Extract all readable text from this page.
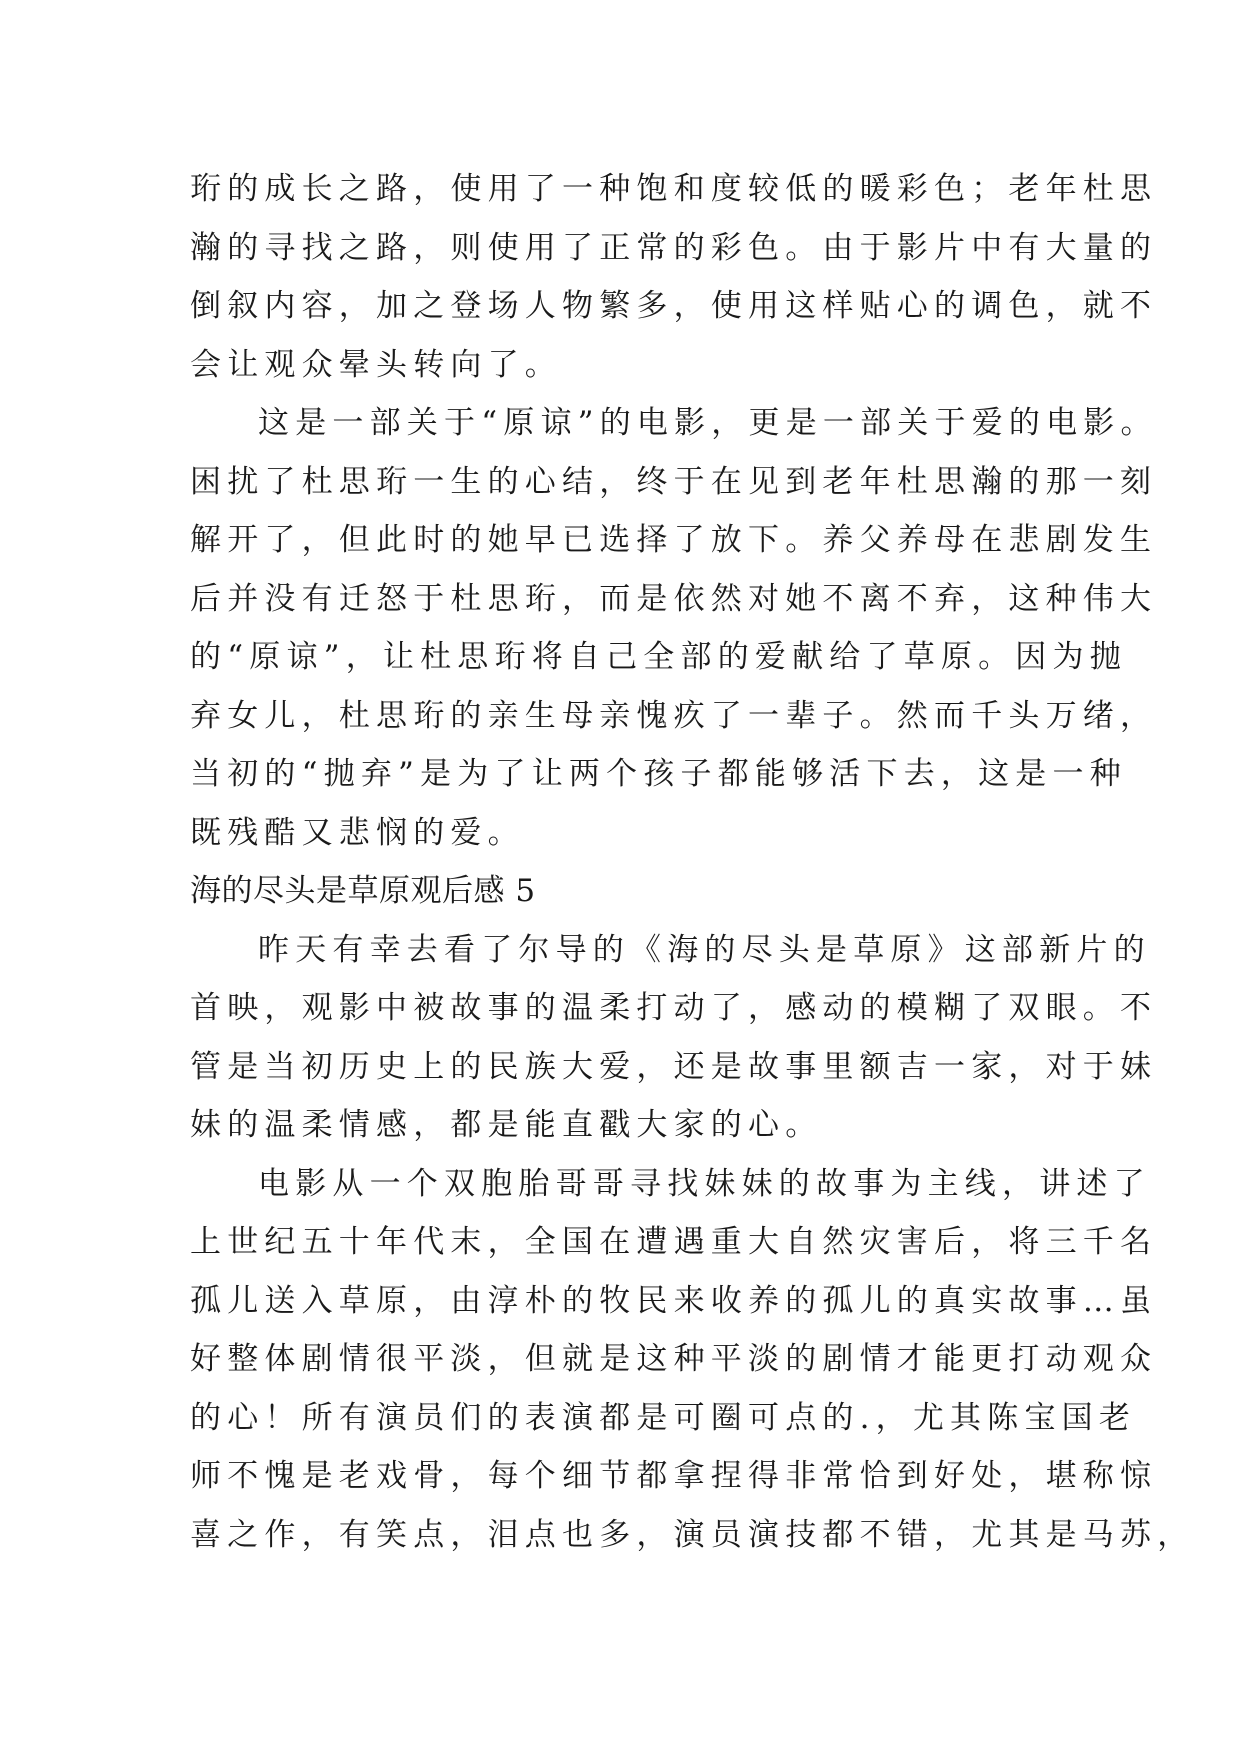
珩的成长之路，使用了一种饱和度较低的暖彩色；老年杜思
瀚的寻找之路，则使用了正常的彩色。由于影片中有大量的
倒叙内容，加之登场人物繁多，使用这样贴心的调色，就不
会让观众晕头转向了。
这是一部关于“原谅”的电影，更是一部关于爱的电影。
困扰了杜思珩一生的心结，终于在见到老年杜思瀚的那一刻
解开了，但此时的她早已选择了放下。养父养母在悲剧发生
后并没有迁怒于杜思珩，而是依然对她不离不弃，这种伟大
的“原谅”，让杜思珩将自己全部的爱献给了草原。因为抛
弃女儿，杜思珩的亲生母亲愧疚了一辈子。然而千头万绪，
当初的“抛弃”是为了让两个孩子都能够活下去，这是一种
既残酷又悲悯的爱。
海的尽头是草原观后感 5
昨天有幸去看了尔导的《海的尽头是草原》这部新片的
首映，观影中被故事的温柔打动了，感动的模糊了双眼。不
管是当初历史上的民族大爱，还是故事里额吉一家，对于妹
妹的温柔情感，都是能直戳大家的心。
电影从一个双胞胎哥哥寻找妹妹的故事为主线，讲述了
上世纪五十年代末，全国在遭遇重大自然灾害后，将三千名
孤儿送入草原，由淳朴的牧民来收养的孤儿的真实故事…虽
好整体剧情很平淡，但就是这种平淡的剧情才能更打动观众
的心！所有演员们的表演都是可圈可点的.，尤其陈宝国老
师不愧是老戏骨，每个细节都拿捏得非常恰到好处，堪称惊
喜之作，有笑点，泪点也多，演员演技都不错，尤其是马苏，
